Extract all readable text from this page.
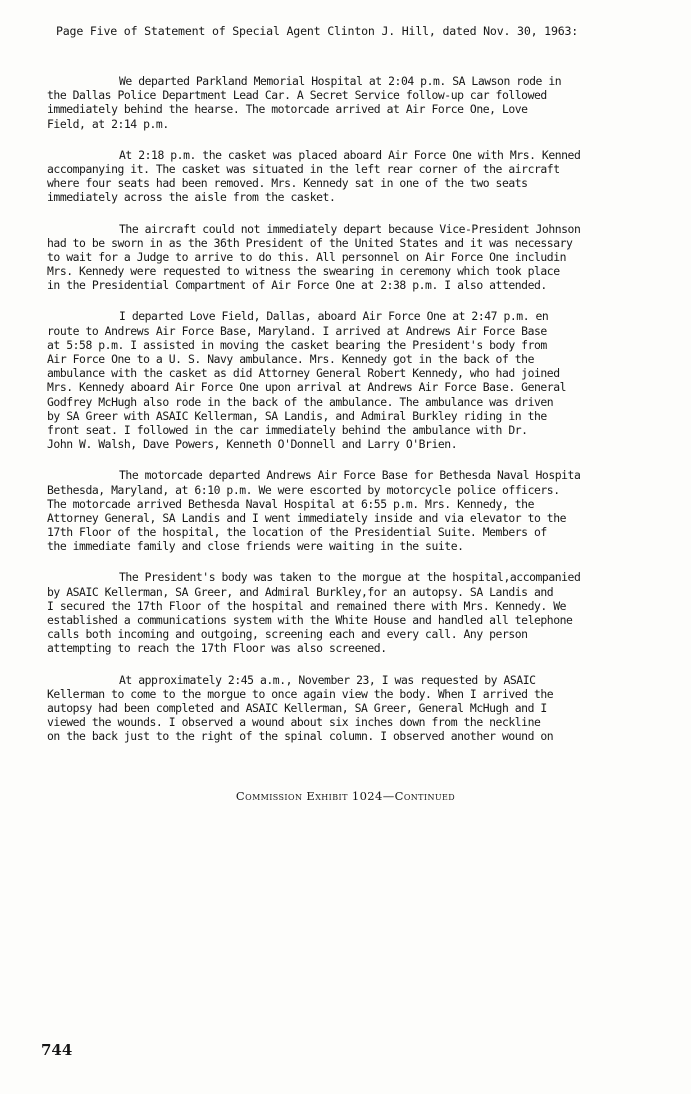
Page Five of Statement of Special Agent Clinton J. Hill, dated Nov. 30, 1963:

We departed Parkland Memorial Hospital at 2:04 p.m. SA Lawson rode in
the Dallas Police Department Lead Car. A Secret Service follow-up car followed
immediately behind the hearse. The motorcade arrived at Air Force One, Love
Field, at 2:14 p.m.

At 2:18 p.m. the casket was placed aboard Air Force One with Mrs. Kenned
accompanying it. The casket was situated in the left rear corner of the aircraft
where four seats had been removed. Mrs. Kennedy sat in one of the two seats
immediately across the aisle from the casket.

The aircraft could not immediately depart because Vice-President Johnson
had to be sworn in as the 36th President of the United States and it was necessary
to wait for a Judge to arrive to do this. All personnel on Air Force One includin
Mrs. Kennedy were requested to witness the swearing in ceremony which took place
in the Presidential Compartment of Air Force One at 2:38 p.m. I also attended.

I departed Love Field, Dallas, aboard Air Force One at 2:47 p.m. en
route to Andrews Air Force Base, Maryland. I arrived at Andrews Air Force Base
at 5:58 p.m. I assisted in moving the casket bearing the President's body from
Air Force One to a U. S. Navy ambulance. Mrs. Kennedy got in the back of the
ambulance with the casket as did Attorney General Robert Kennedy, who had joined
Mrs. Kennedy aboard Air Force One upon arrival at Andrews Air Force Base. General
Godfrey McHugh also rode in the back of the ambulance. The ambulance was driven
by SA Greer with ASAIC Kellerman, SA Landis, and Admiral Burkley riding in the
front seat. I followed in the car immediately behind the ambulance with Dr.
John W. Walsh, Dave Powers, Kenneth O'Donnell and Larry O'Brien.

The motorcade departed Andrews Air Force Base for Bethesda Naval Hospita
Bethesda, Maryland, at 6:10 p.m. We were escorted by motorcycle police officers.
The motorcade arrived Bethesda Naval Hospital at 6:55 p.m. Mrs. Kennedy, the
Attorney General, SA Landis and I went immediately inside and via elevator to the
17th Floor of the hospital, the location of the Presidential Suite. Members of
the immediate family and close friends were waiting in the suite.

The President's body was taken to the morgue at the hospital,accompanied
by ASAIC Kellerman, SA Greer, and Admiral Burkley,for an autopsy. SA Landis and
I secured the 17th Floor of the hospital and remained there with Mrs. Kennedy. We
established a communications system with the White House and handled all telephone
calls both incoming and outgoing, screening each and every call. Any person
attempting to reach the 17th Floor was also screened.

At approximately 2:45 a.m., November 23, I was requested by ASAIC
Kellerman to come to the morgue to once again view the body. When I arrived the
autopsy had been completed and ASAIC Kellerman, SA Greer, General McHugh and I
viewed the wounds. I observed a wound about six inches down from the neckline
on the back just to the right of the spinal column. I observed another wound on

Commission Exhibit 1024—Continued
744
